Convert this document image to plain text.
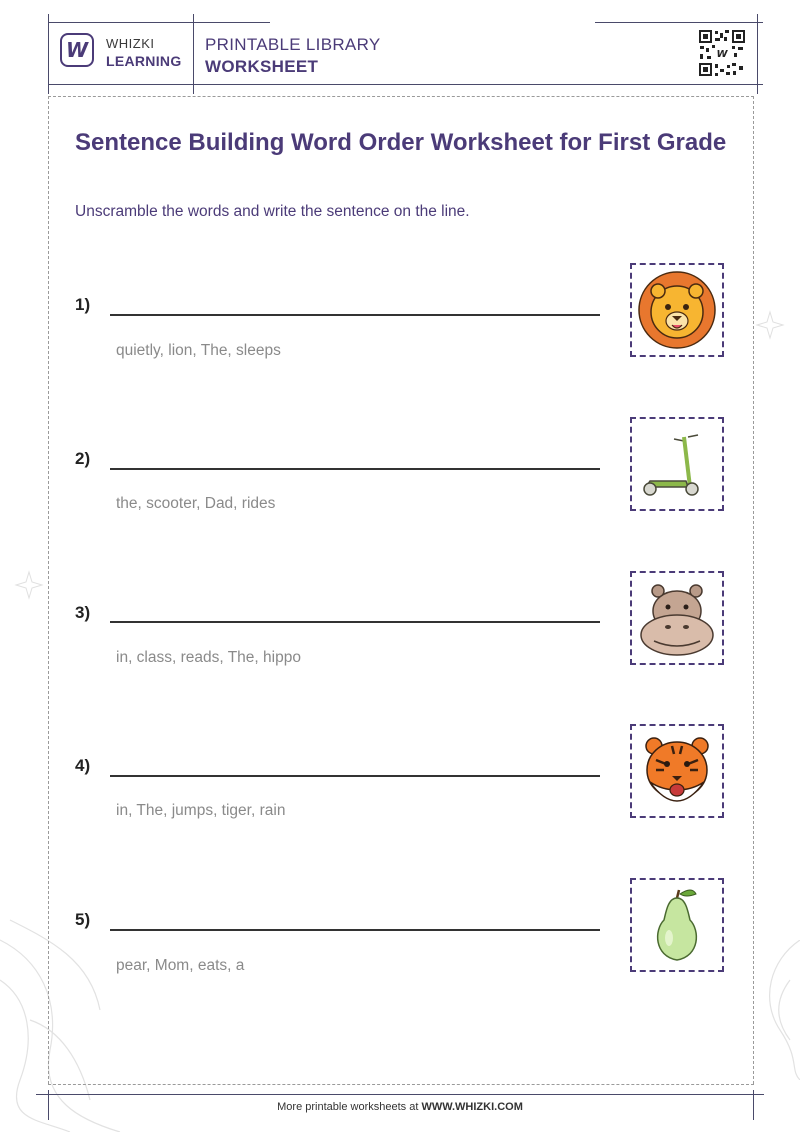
W	WHIZKI
LEARNING
PRINTABLE LIBRARY
WORKSHEET
W
Sentence Building Word Order Worksheet for First Grade
Unscramble the words and write the sentence on the line.
1)
quietly, lion, The, sleeps
2)
the, scooter, Dad, rides
3)
in, class, reads, The, hippo
4)
in, The, jumps, tiger, rain
5)
pear, Mom, eats, a
More printable worksheets at WWW.WHIZKI.COM
